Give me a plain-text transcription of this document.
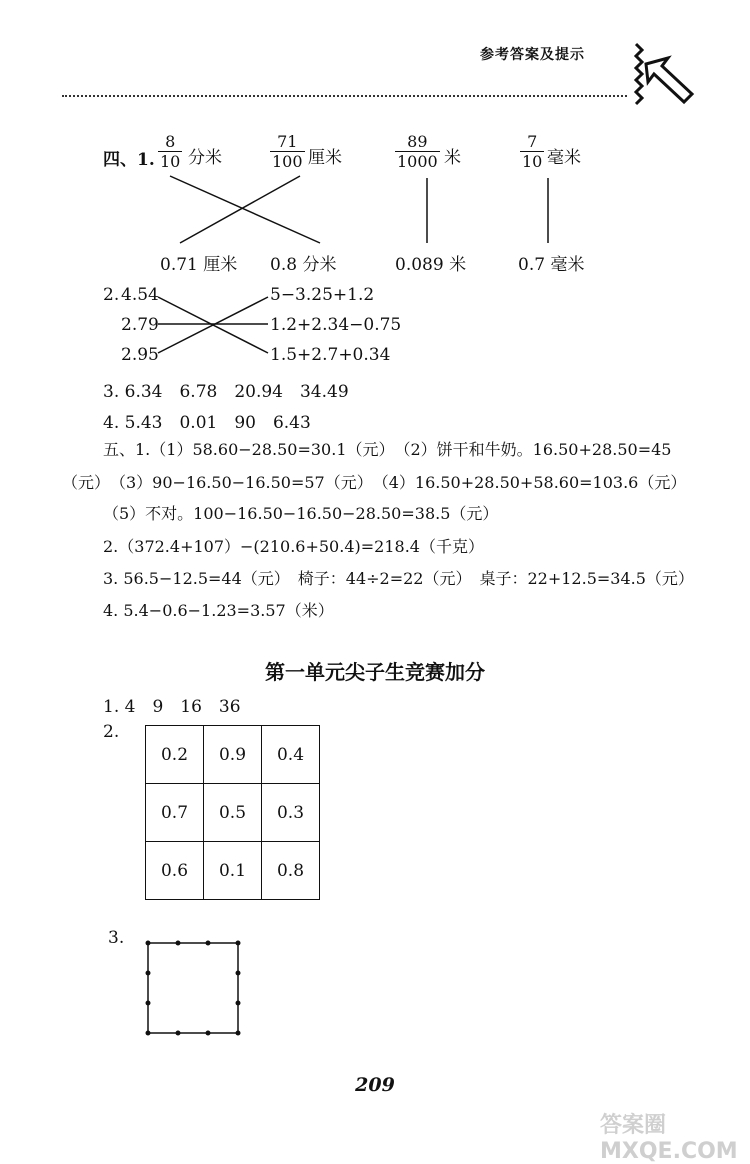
参考答案及提示
四、1. $\frac{8}{10}$ 分米	$\frac{71}{100}$ 厘米	$\frac{89}{1000}$ 米	$\frac{7}{10}$ 毫米
0.71 厘米 0.8 分米	0.089 米	0.7 毫米
2. 4.54
2.79
2.95
5−3.25+1.2
1.2+2.34−0.75
1.5+2.7+0.34
3. 6.34　6.78　20.94　34.49
4. 5.43　0.01　90　6.43
五、1.（1）58.60−28.50=30.1（元）　（2）饼干和牛奶。16.50+28.50=45
（元）　（3）90−16.50−16.50=57（元）　（4）16.50+28.50+58.60=103.6（元）
（5）不对。100−16.50−16.50−28.50=38.5（元）
2.（372.4+107）−(210.6+50.4)=218.4（千克）
3. 56.5−12.5=44（元）　椅子：44÷2=22（元）　桌子：22+12.5=34.5（元）
4. 5.4−0.6−1.23=3.57（米）
第一单元尖子生竞赛加分
1. 4　9　16　36
2.
0.2	0.9	0.4
0.7	0.5	0.3
0.6	0.1	0.8
3.
209
答案圈 MXQE.COM
